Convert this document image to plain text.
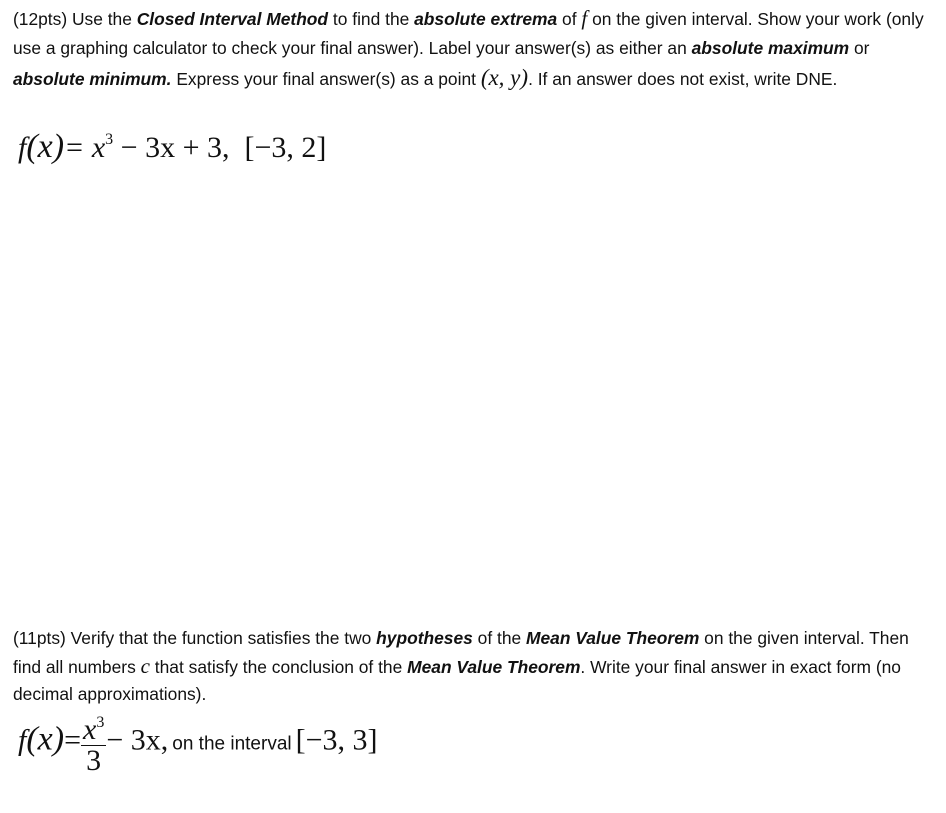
(12pts) Use the Closed Interval Method to find the absolute extrema of f on the given interval. Show your work (only use a graphing calculator to check your final answer). Label your answer(s) as either an absolute maximum or absolute minimum. Express your final answer(s) as a point (x, y). If an answer does not exist, write DNE.
$f(x)= x^3 - 3x + 3$, [−3, 2]
(11pts) Verify that the function satisfies the two hypotheses of the Mean Value Theorem on the given interval. Then find all numbers c that satisfy the conclusion of the Mean Value Theorem. Write your final answer in exact form (no decimal approximations).
$f(x)= \frac{x^3}{3} - 3x$, on the interval [−3, 3]
